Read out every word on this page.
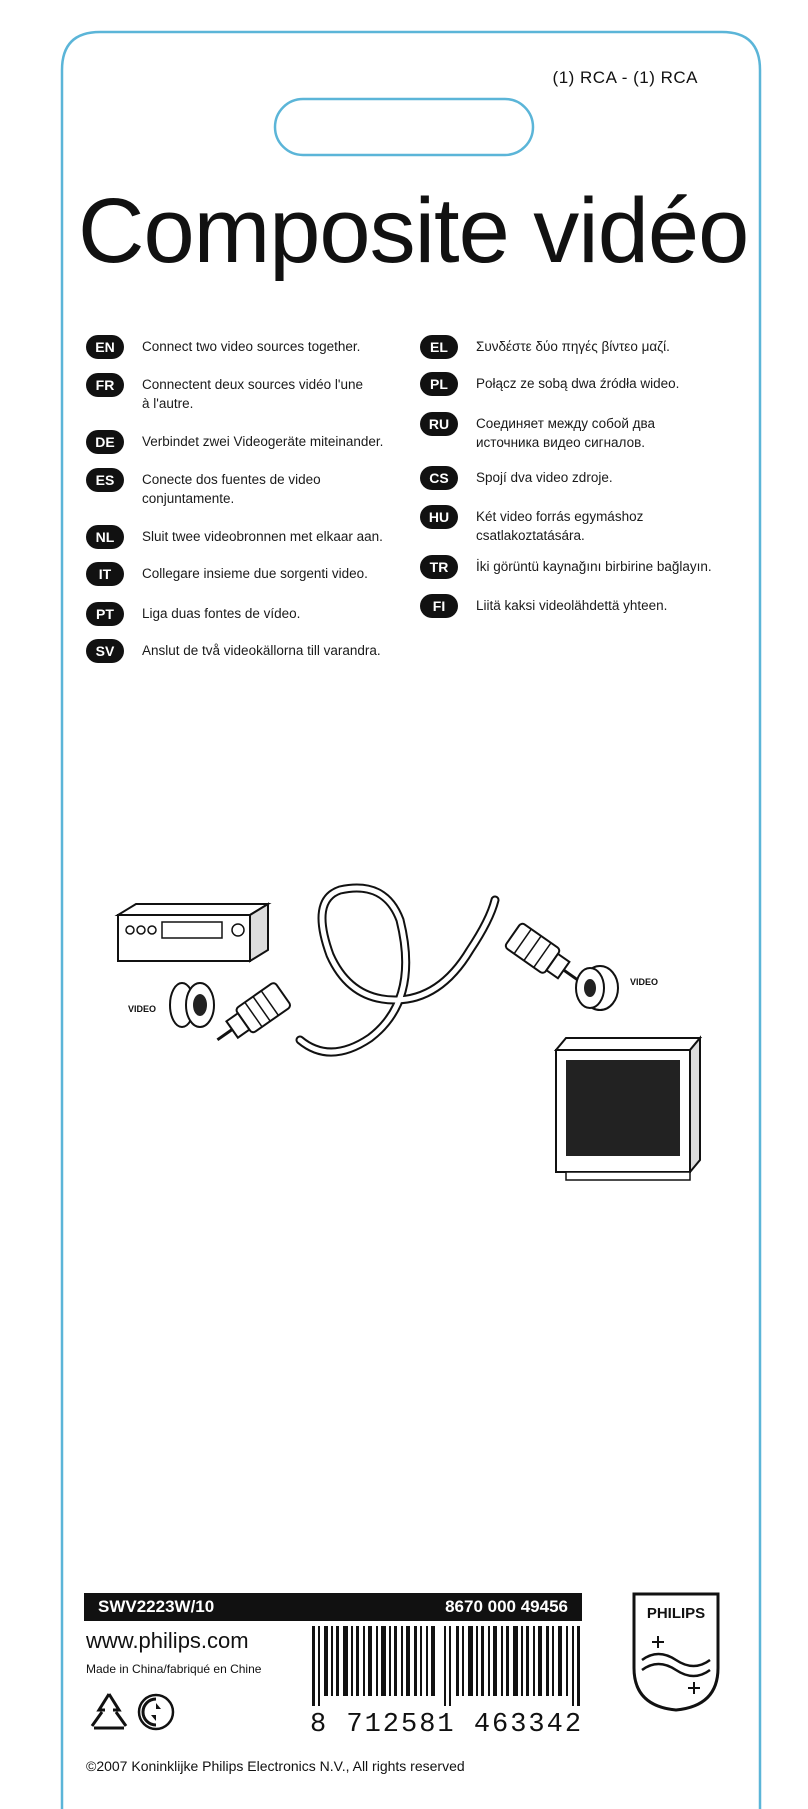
(1) RCA - (1) RCA
Composite vidéo
EN	Connect two video sources together.
FR	Connectent deux sources vidéo l'une à l'autre.
DE	Verbindet zwei Videogeräte miteinander.
ES	Conecte dos fuentes de video conjuntamente.
NL	Sluit twee videobronnen met elkaar aan.
IT	Collegare insieme due sorgenti video.
PT	Liga duas fontes de vídeo.
SV	Anslut de två videokällorna till varandra.
EL	Συνδέστε δύο πηγές βίντεο μαζί.
PL	Połącz ze sobą dwa źródła wideo.
RU	Соединяет между собой два источника видео сигналов.
CS	Spojí dva video zdroje.
HU	Két video forrás egymáshoz csatlakoztatására.
TR	İki görüntü kaynağını birbirine bağlayın.
FI	Liitä kaksi videolähdettä yhteen.
VIDEO
VIDEO
SWV2223W/10	8670 000 49456
www.philips.com
Made in China/fabriqué en Chine
8 712581 463342
PHILIPS
©2007 Koninklijke Philips Electronics N.V., All rights reserved
